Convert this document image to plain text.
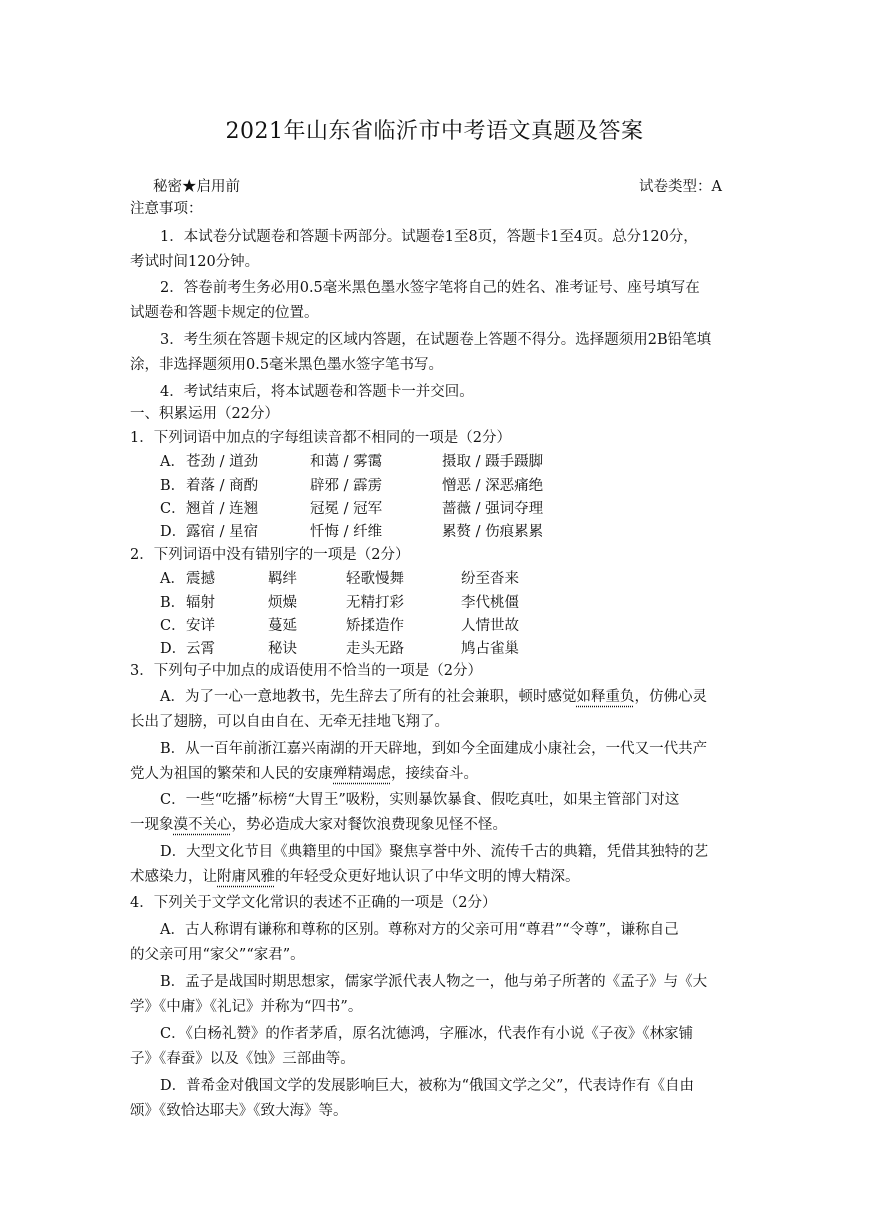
2021年山东省临沂市中考语文真题及答案
秘密★启用前	试卷类型：A
注意事项：
1．本试卷分试题卷和答题卡两部分。试题卷1至8页，答题卡1至4页。总分120分，
考试时间120分钟。
2．答卷前考生务必用0.5毫米黑色墨水签字笔将自己的姓名、准考证号、座号填写在
试题卷和答题卡规定的位置。
3．考生须在答题卡规定的区域内答题，在试题卷上答题不得分。选择题须用2B铅笔填
涂，非选择题须用0.5毫米黑色墨水签字笔书写。
4．考试结束后，将本试题卷和答题卡一并交回。
一、积累运用（22分）
1．下列词语中加点的字每组读音都不相同的一项是（2分）
A． 苍劲 / 道劲	和蔼 / 雾霭	摄取 / 蹑手蹑脚
B． 着落 / 商酌	辟邪 / 霹雳	憎恶 / 深恶痛绝
C． 翘首 / 连翘	冠冕 / 冠军	蔷薇 / 强词夺理
D． 露宿 / 星宿	忏悔 / 纤维	累赘 / 伤痕累累
2．下列词语中没有错别字的一项是（2分）
A． 震撼	羁绊	轻歌慢舞	纷至沓来
B． 辐射	烦燥	无精打彩	李代桃僵
C． 安详	蔓延	矫揉造作	人情世故
D． 云霄	秘诀	走头无路	鸠占雀巢
3．下列句子中加点的成语使用不恰当的一项是（2分）
A．为了一心一意地教书，先生辞去了所有的社会兼职，顿时感觉如释重负，仿佛心灵
长出了翅膀，可以自由自在、无牵无挂地飞翔了。
B．从一百年前浙江嘉兴南湖的开天辟地，到如今全面建成小康社会，一代又一代共产
党人为祖国的繁荣和人民的安康殚精竭虑，接续奋斗。
C．一些“吃播”标榜“大胃王”吸粉，实则暴饮暴食、假吃真吐，如果主管部门对这
一现象漠不关心，势必造成大家对餐饮浪费现象见怪不怪。
D．大型文化节目《典籍里的中国》聚焦享誉中外、流传千古的典籍，凭借其独特的艺
术感染力，让附庸风雅的年轻受众更好地认识了中华文明的博大精深。
4．下列关于文学文化常识的表述不正确的一项是（2分）
A．古人称谓有谦称和尊称的区别。尊称对方的父亲可用“尊君”“令尊”，谦称自己
的父亲可用“家父”“家君”。
B．孟子是战国时期思想家，儒家学派代表人物之一，他与弟子所著的《孟子》与《大
学》《中庸》《礼记》并称为“四书”。
C．《白杨礼赞》的作者茅盾，原名沈德鸿，字雁冰，代表作有小说《子夜》《林家铺
子》《春蚕》以及《蚀》三部曲等。
D．普希金对俄国文学的发展影响巨大，被称为“俄国文学之父”，代表诗作有《自由
颂》《致恰达耶夫》《致大海》等。
